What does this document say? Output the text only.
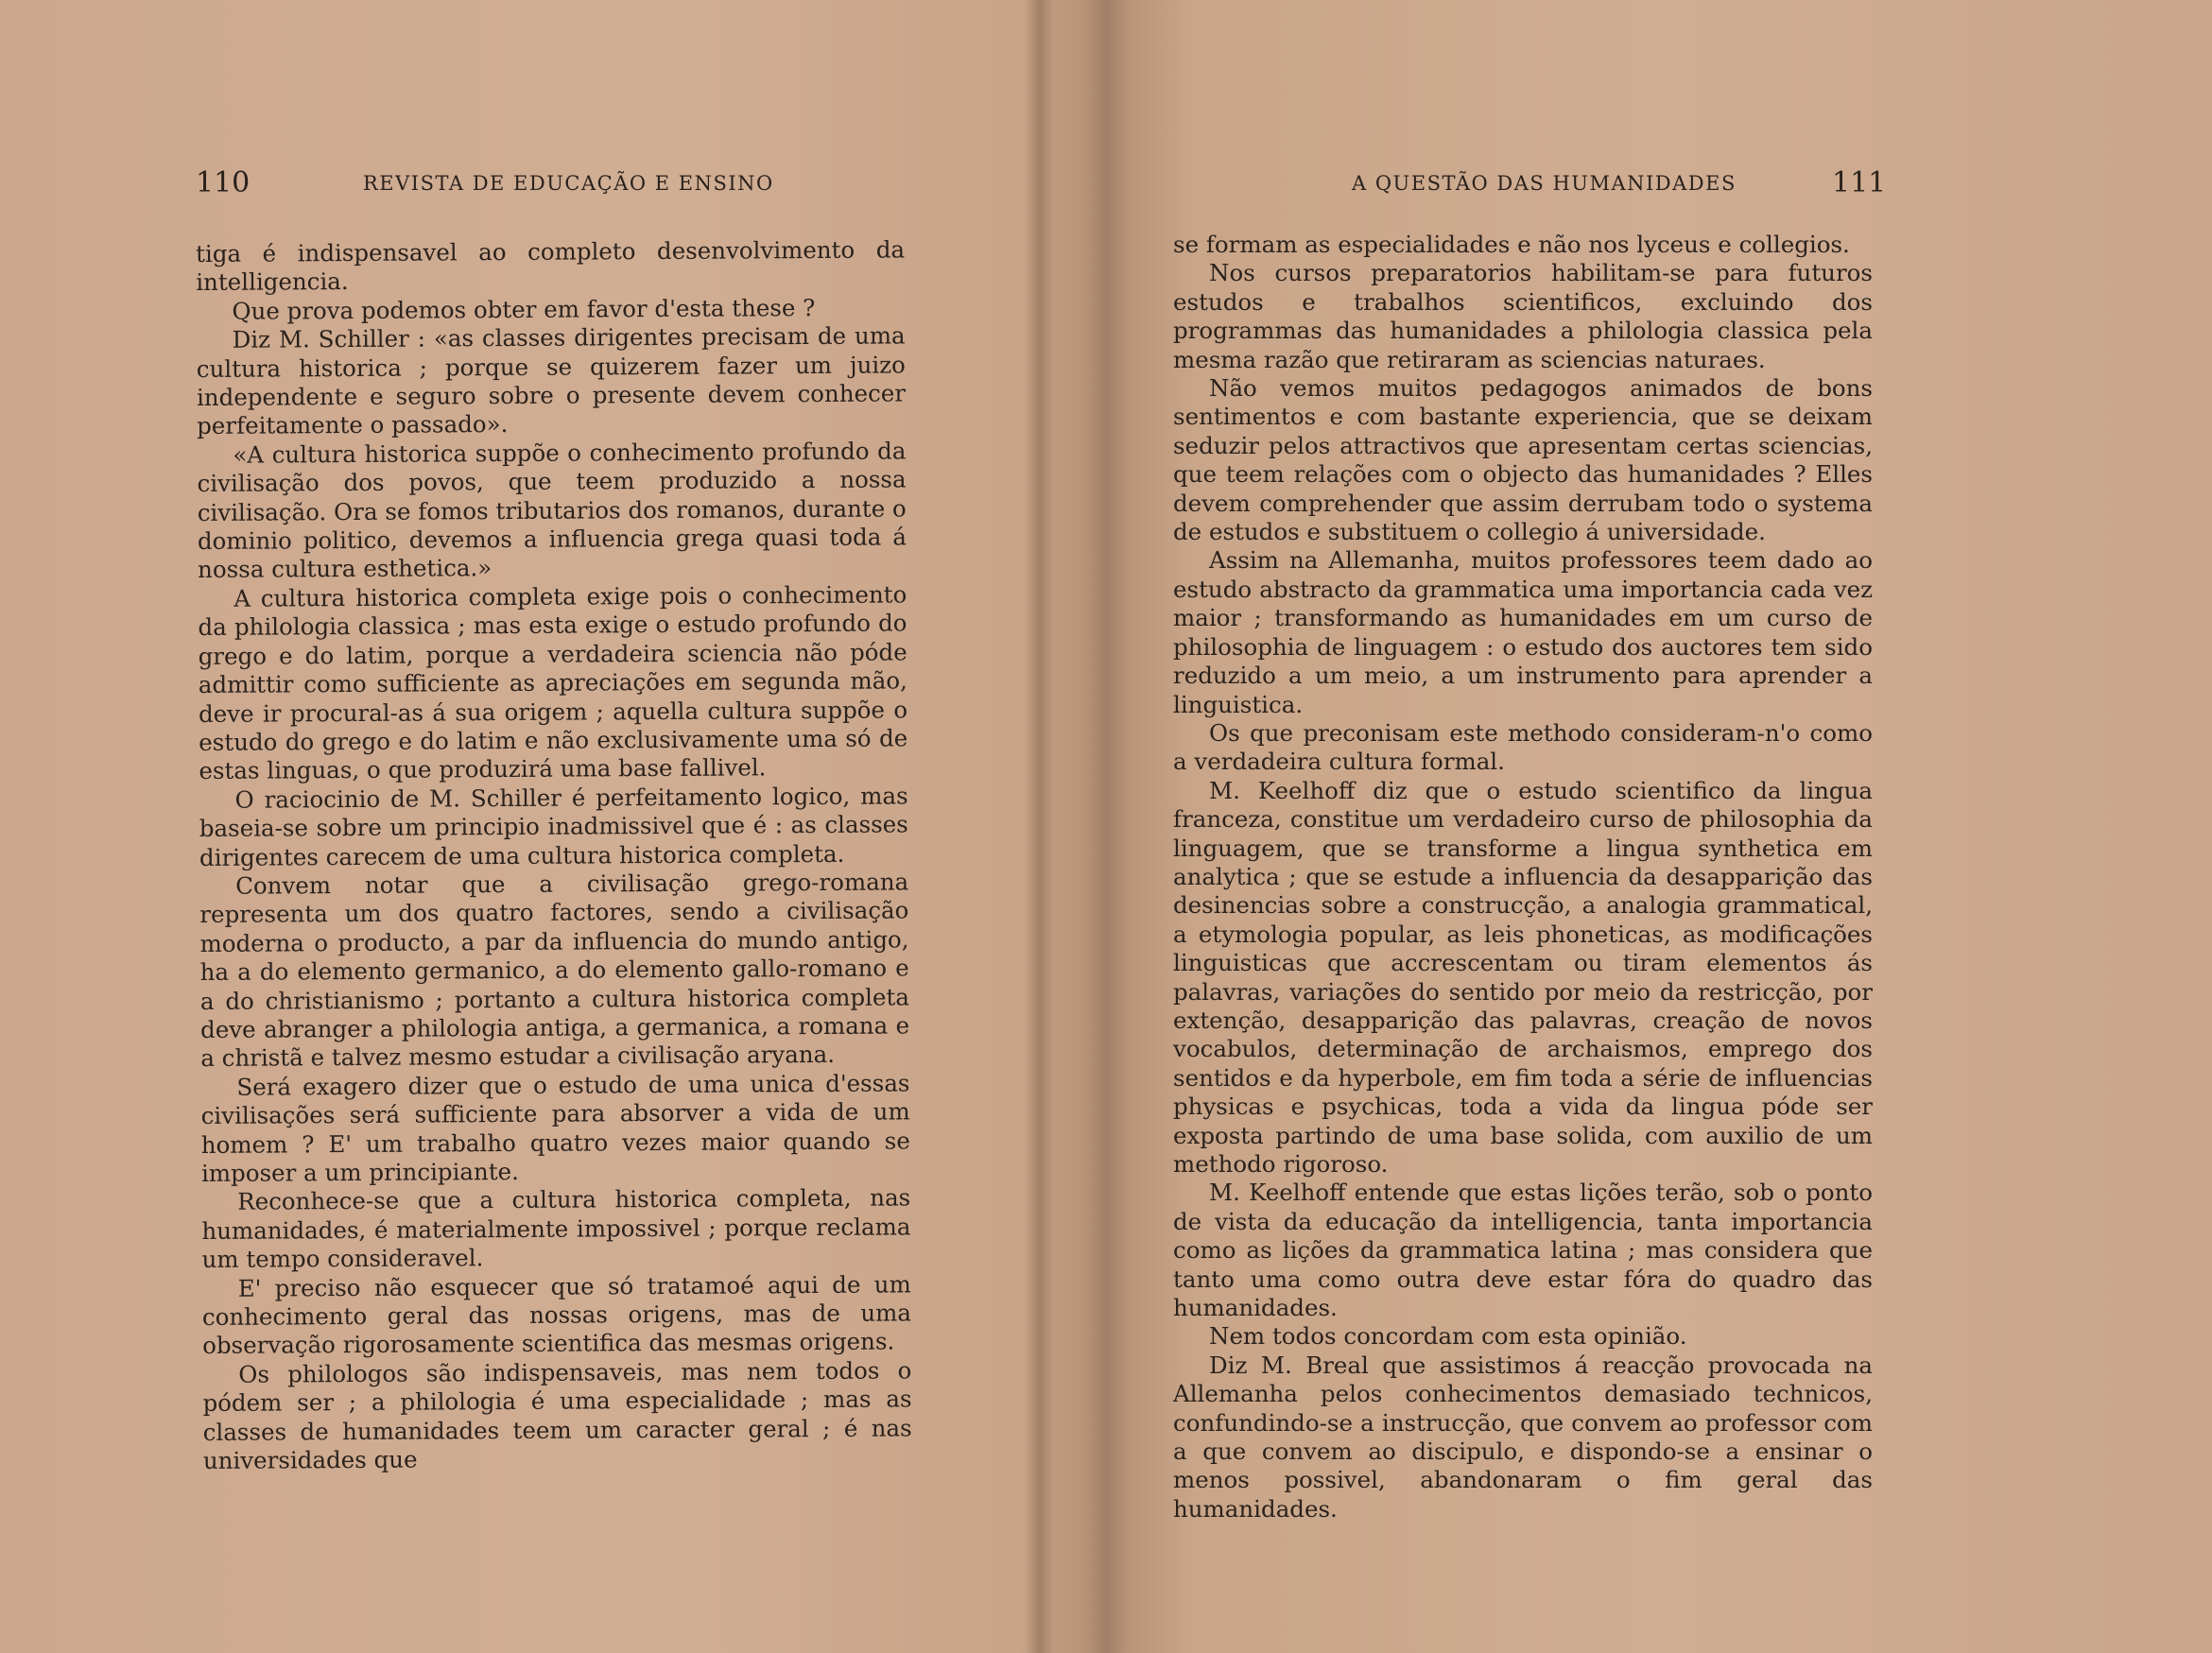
110	REVISTA DE EDUCAÇÃO E ENSINO

tiga é indispensavel ao completo desenvolvimento da intelligencia.

Que prova podemos obter em favor d'esta these ?

Diz M. Schiller : «as classes dirigentes precisam de uma cultura historica ; porque se quizerem fazer um juizo independente e seguro sobre o presente devem conhecer perfeitamente o passado».

«A cultura historica suppõe o conhecimento profundo da civilisação dos povos, que teem produzido a nossa civilisação. Ora se fomos tributarios dos romanos, durante o dominio politico, devemos a influencia grega quasi toda á nossa cultura esthetica.»

A cultura historica completa exige pois o conhecimento da philologia classica ; mas esta exige o estudo profundo do grego e do latim, porque a verdadeira sciencia não póde admittir como sufficiente as apreciações em segunda mão, deve ir procural-as á sua origem ; aquella cultura suppõe o estudo do grego e do latim e não exclusivamente uma só de estas linguas, o que produzirá uma base fallivel.

O raciocinio de M. Schiller é perfeitamento logico, mas baseia-se sobre um principio inadmissivel que é : as classes dirigentes carecem de uma cultura historica completa.

Convem notar que a civilisação grego-romana representa um dos quatro factores, sendo a civilisação moderna o producto, a par da influencia do mundo antigo, ha a do elemento germanico, a do elemento gallo-romano e a do christianismo ; portanto a cultura historica completa deve abranger a philologia antiga, a germanica, a romana e a christã e talvez mesmo estudar a civilisação aryana.

Será exagero dizer que o estudo de uma unica d'essas civilisações será sufficiente para absorver a vida de um homem ? E' um trabalho quatro vezes maior quando se imposer a um principiante.

Reconhece-se que a cultura historica completa, nas humanidades, é materialmente impossivel ; porque reclama um tempo consideravel.

E' preciso não esquecer que só tratamoé aqui de um conhecimento geral das nossas origens, mas de uma observação rigorosamente scientifica das mesmas origens.

Os philologos são indispensaveis, mas nem todos o pódem ser ; a philologia é uma especialidade ; mas as classes de humanidades teem um caracter geral ; é nas universidades que

A QUESTÃO DAS HUMANIDADES	111

se formam as especialidades e não nos lyceus e collegios.

Nos cursos preparatorios habilitam-se para futuros estudos e trabalhos scientificos, excluindo dos programmas das humanidades a philologia classica pela mesma razão que retiraram as sciencias naturaes.

Não vemos muitos pedagogos animados de bons sentimentos e com bastante experiencia, que se deixam seduzir pelos attractivos que apresentam certas sciencias, que teem relações com o objecto das humanidades ? Elles devem comprehender que assim derrubam todo o systema de estudos e substituem o collegio á universidade.

Assim na Allemanha, muitos professores teem dado ao estudo abstracto da grammatica uma importancia cada vez maior ; transformando as humanidades em um curso de philosophia de linguagem : o estudo dos auctores tem sido reduzido a um meio, a um instrumento para aprender a linguistica.

Os que preconisam este methodo consideram-n'o como a verdadeira cultura formal.

M. Keelhoff diz que o estudo scientifico da lingua franceza, constitue um verdadeiro curso de philosophia da linguagem, que se transforme a lingua synthetica em analytica ; que se estude a influencia da desapparição das desinencias sobre a construcção, a analogia grammatical, a etymologia popular, as leis phoneticas, as modificações linguisticas que accrescentam ou tiram elementos ás palavras, variações do sentido por meio da restricção, por extenção, desapparição das palavras, creação de novos vocabulos, determinação de archaismos, emprego dos sentidos e da hyperbole, em fim toda a série de influencias physicas e psychicas, toda a vida da lingua póde ser exposta partindo de uma base solida, com auxilio de um methodo rigoroso.

M. Keelhoff entende que estas lições terão, sob o ponto de vista da educação da intelligencia, tanta importancia como as lições da grammatica latina ; mas considera que tanto uma como outra deve estar fóra do quadro das humanidades.

Nem todos concordam com esta opinião.

Diz M. Breal que assistimos á reacção provocada na Allemanha pelos conhecimentos demasiado technicos, confundindo-se a instrucção, que convem ao professor com a que convem ao discipulo, e dispondo-se a ensinar o menos possivel, abandonaram o fim geral das humanidades.
